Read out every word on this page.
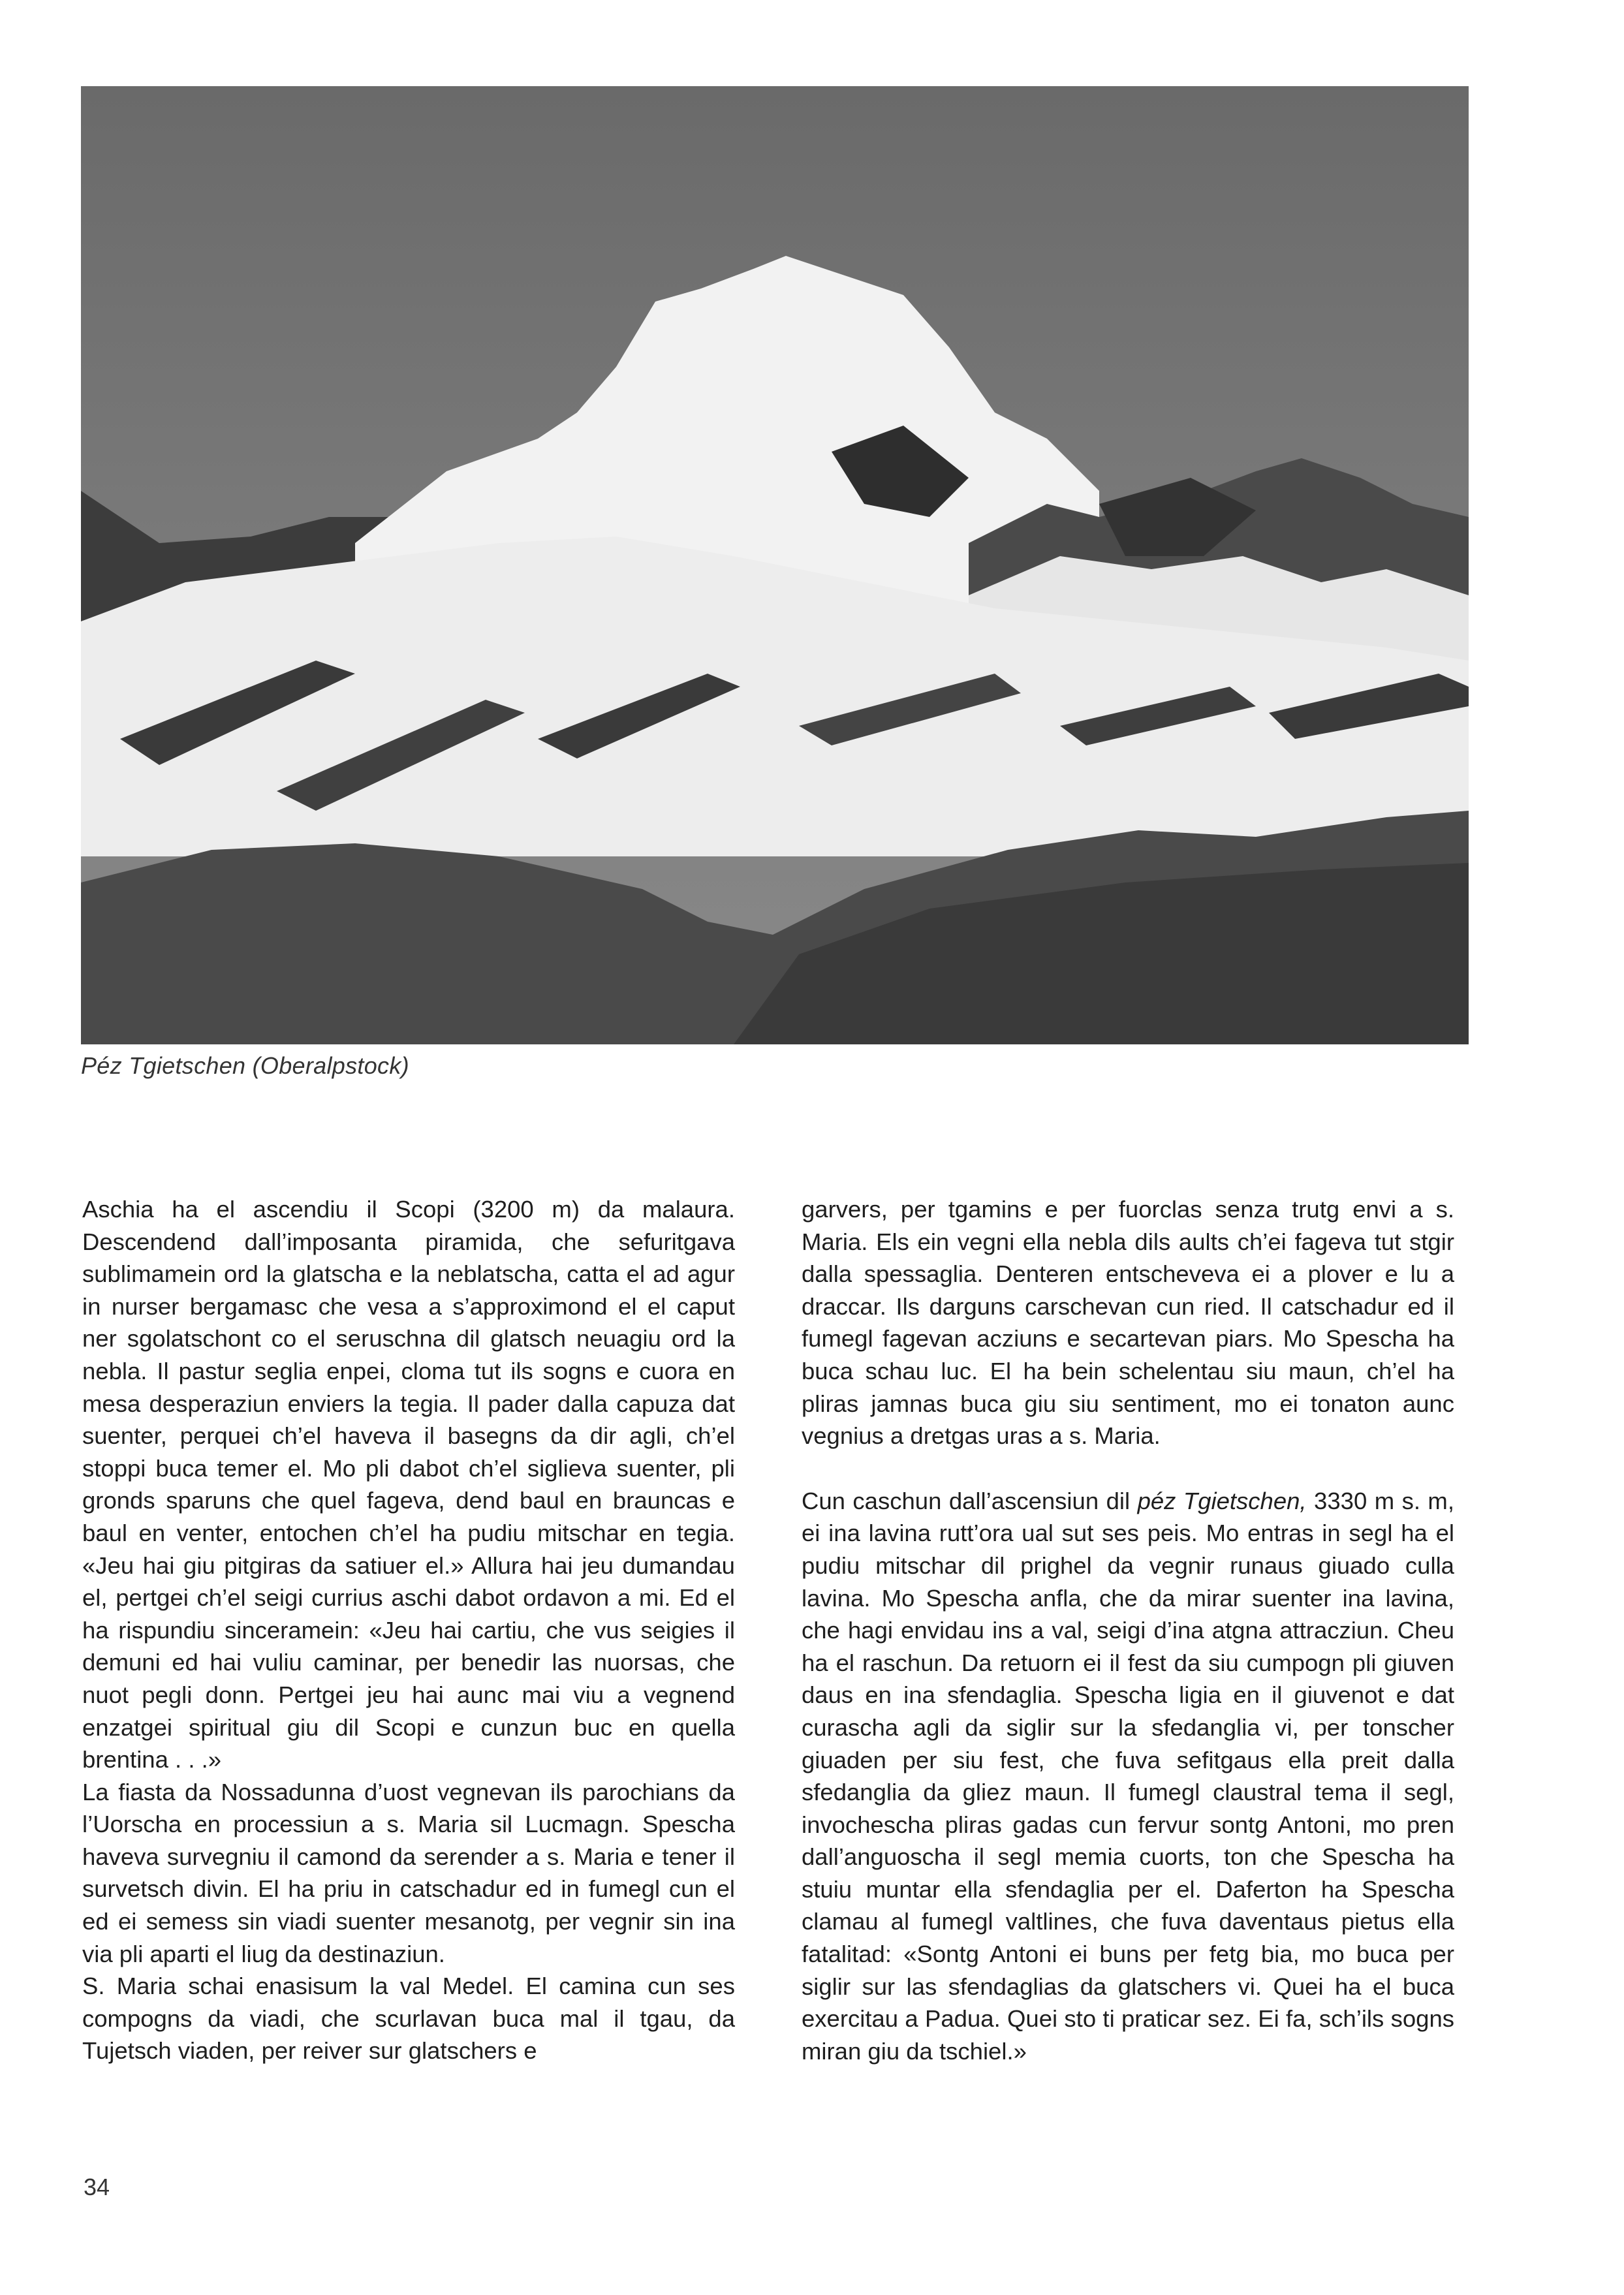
Péz Tgietschen (Oberalpstock)

Aschia ha el ascendiu il Scopi (3200 m) da malaura. Descendend dall’imposanta piramida, che sefuritgava sublimamein ord la glatscha e la neblatscha, catta el ad agur in nurser bergamasc che vesa a s’approximond el el caput ner sgolatschont co el seruschna dil glatsch neuagiu ord la nebla. Il pastur seglia enpei, cloma tut ils sogns e cuora en mesa desperaziun enviers la tegia. Il pader dalla capuza dat suenter, perquei ch’el haveva il basegns da dir agli, ch’el stoppi buca temer el. Mo pli dabot ch’el siglieva suenter, pli gronds sparuns che quel fageva, dend baul en brauncas e baul en venter, entochen ch’el ha pudiu mitschar en tegia. «Jeu hai giu pitgiras da satiuer el.» Allura hai jeu dumandau el, pertgei ch’el seigi currius aschi dabot ordavon a mi. Ed el ha rispundiu sinceramein: «Jeu hai cartiu, che vus seigies il demuni ed hai vuliu caminar, per benedir las nuorsas, che nuot pegli donn. Pertgei jeu hai aunc mai viu a vegnend enzatgei spiritual giu dil Scopi e cunzun buc en quella brentina . . .»

La fiasta da Nossadunna d’uost vegnevan ils parochians da l’Uorscha en processiun a s. Maria sil Lucmagn. Spescha haveva survegniu il camond da serender a s. Maria e tener il survetsch divin. El ha priu in catschadur ed in fumegl cun el ed ei semess sin viadi suenter mesanotg, per vegnir sin ina via pli aparti el liug da destinaziun.

S. Maria schai enasisum la val Medel. El camina cun ses compogns da viadi, che scurlavan buca mal il tgau, da Tujetsch viaden, per reiver sur glatschers e

garvers, per tgamins e per fuorclas senza trutg envi a s. Maria. Els ein vegni ella nebla dils aults ch’ei fageva tut stgir dalla spessaglia. Denteren entscheveva ei a plover e lu a draccar. Ils darguns carschevan cun ried. Il catschadur ed il fumegl fagevan acziuns e secartevan piars. Mo Spescha ha buca schau luc. El ha bein schelentau siu maun, ch’el ha pliras jamnas buca giu siu sentiment, mo ei tonaton aunc vegnius a dretgas uras a s. Maria.

Cun caschun dall’ascensiun dil péz Tgietschen, 3330 m s. m, ei ina lavina rutt’ora ual sut ses peis. Mo entras in segl ha el pudiu mitschar dil prighel da vegnir runaus giuado culla lavina. Mo Spescha anfla, che da mirar suenter ina lavina, che hagi envidau ins a val, seigi d’ina atgna attracziun. Cheu ha el raschun. Da retuorn ei il fest da siu cumpogn pli giuven daus en ina sfendaglia. Spescha ligia en il giuvenot e dat curascha agli da siglir sur la sfedanglia vi, per tonscher giuaden per siu fest, che fuva sefitgaus ella preit dalla sfedanglia da gliez maun. Il fumegl claustral tema il segl, invochescha pliras gadas cun fervur sontg Antoni, mo pren dall’anguoscha il segl memia cuorts, ton che Spescha ha stuiu muntar ella sfendaglia per el. Daferton ha Spescha clamau al fumegl valtlines, che fuva daventaus pietus ella fatalitad: «Sontg Antoni ei buns per fetg bia, mo buca per siglir sur las sfendaglias da glatschers vi. Quei ha el buca exercitau a Padua. Quei sto ti praticar sez. Ei fa, sch’ils sogns miran giu da tschiel.»

34
